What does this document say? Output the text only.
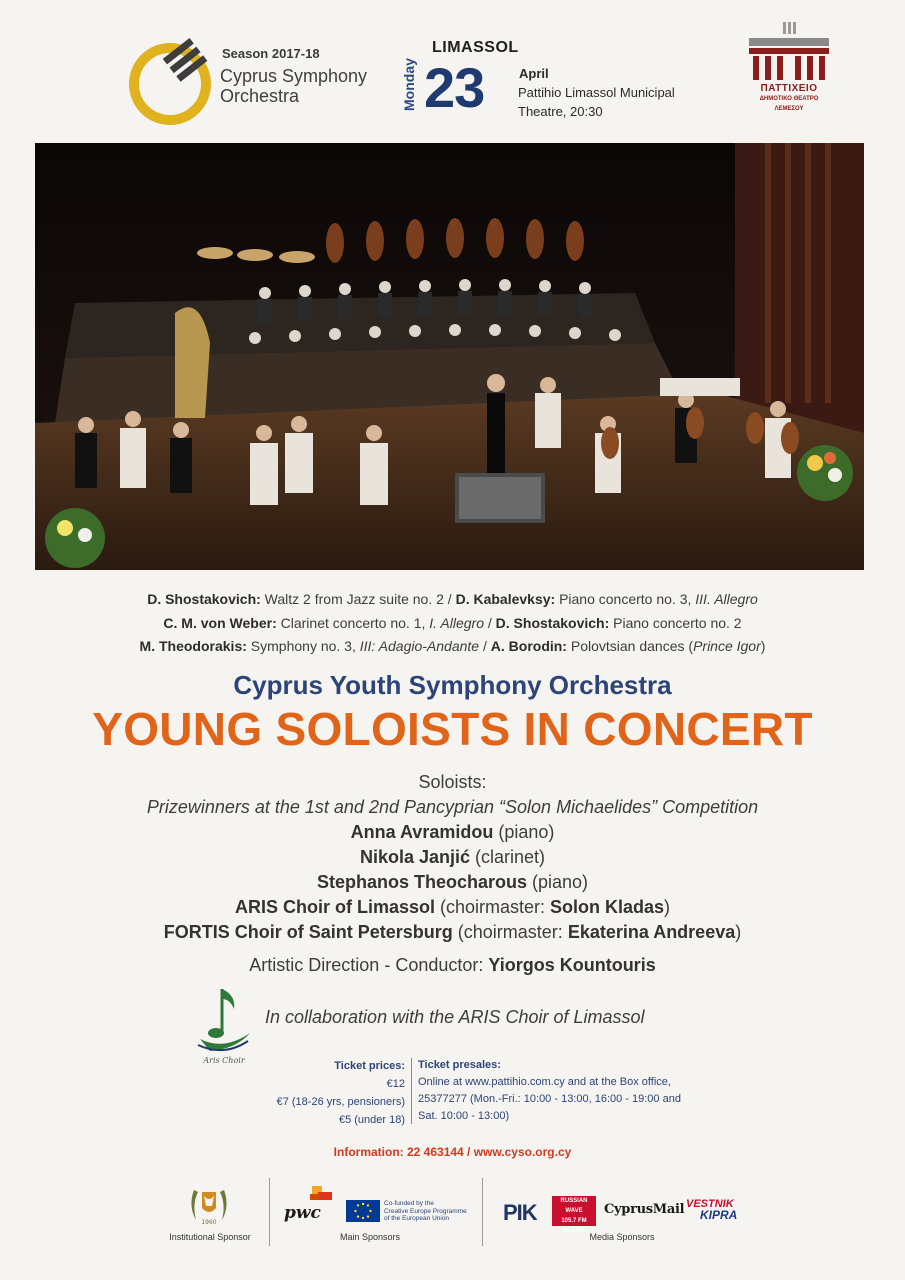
Season 2017-18
Cyprus Symphony
Orchestra
LIMASSOL
Monday 23	April
Pattihio Limassol Municipal
Theatre, 20:30
ΠΑΤΤΙΧΕΙΟ
ΔΗΜΟΤΙΚΟ ΘΕΑΤΡΟ
ΛΕΜΕΣΟΥ
D. Shostakovich: Waltz 2 from Jazz suite no. 2 / D. Kabalevksy: Piano concerto no. 3, III. Allegro
C. M. von Weber: Clarinet concerto no. 1, I. Allegro / D. Shostakovich: Piano concerto no. 2
M. Theodorakis: Symphony no. 3, III: Adagio-Andante / A. Borodin: Polovtsian dances (Prince Igor)
Cyprus Youth Symphony Orchestra
YOUNG SOLOISTS IN CONCERT
Soloists:
Prizewinners at the 1st and 2nd Pancyprian “Solon Michaelides” Competition
Anna Avramidou (piano)
Nikola Janjić (clarinet)
Stephanos Theocharous (piano)
ARIS Choir of Limassol (choirmaster: Solon Kladas)
FORTIS Choir of Saint Petersburg (choirmaster: Ekaterina Andreeva)
Artistic Direction - Conductor: Yiorgos Kountouris
Aris Choir
In collaboration with the ARIS Choir of Limassol
Ticket prices:
€12
€7 (18-26 yrs, pensioners)
€5 (under 18)
Ticket presales:
Online at www.pattihio.com.cy and at the Box office,
25377277 (Mon.-Fri.: 10:00 - 13:00, 16:00 - 19:00 and
Sat. 10:00 - 13:00)
Information: 22 463144 / www.cyso.org.cy
1960
Institutional Sponsor
pwc	Co-funded by the
Creative Europe Programme
of the European Union
Main Sponsors
ΡΙΚ	RUSSIAN WAVE
105.7 FM
98.4 FM
CyprusMail VESTNIK
KIPRA
Media Sponsors
